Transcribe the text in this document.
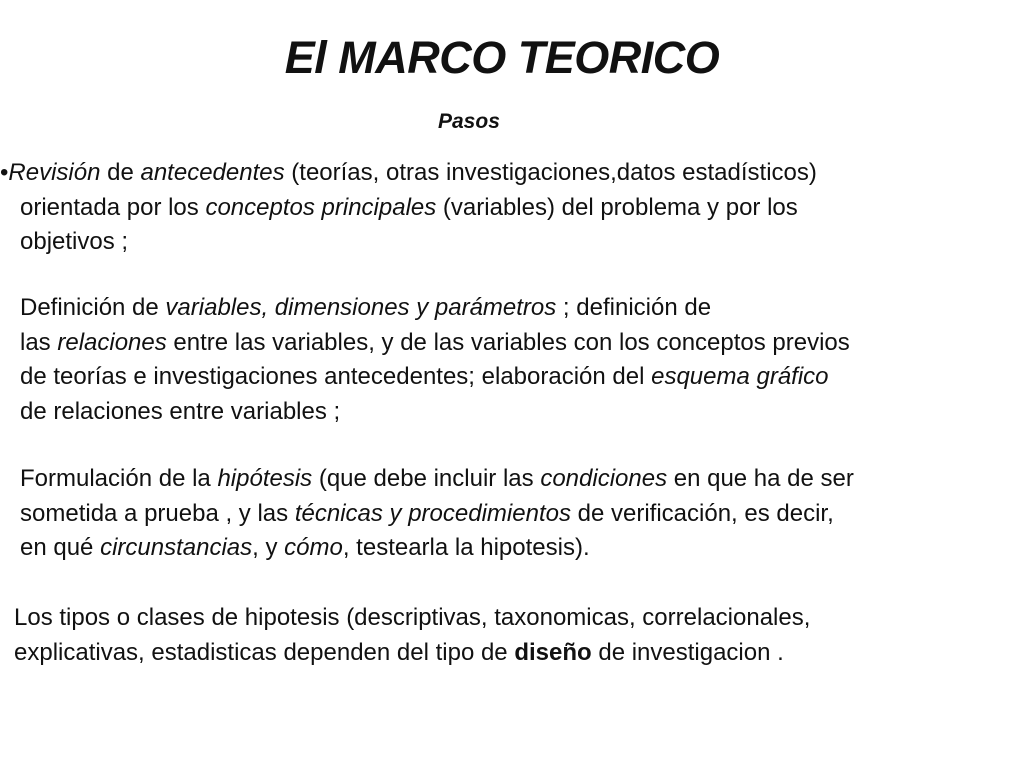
El MARCO TEORICO
Pasos
•Revisión de antecedentes (teorías, otras investigaciones,datos estadísticos)
orientada por los conceptos principales (variables) del problema y por los
objetivos ;
Definición de variables, dimensiones y parámetros ; definición de
las relaciones entre las variables, y de las variables con los conceptos previos
de teorías e investigaciones antecedentes; elaboración del esquema gráfico
de relaciones entre variables ;
Formulación de la hipótesis (que debe incluir las condiciones en que ha de ser
sometida a prueba , y las técnicas y procedimientos de verificación, es decir,
en qué circunstancias, y cómo, testearla la hipotesis).
Los tipos o clases de hipotesis (descriptivas, taxonomicas, correlacionales,
explicativas, estadisticas dependen del tipo de diseño de investigacion .
